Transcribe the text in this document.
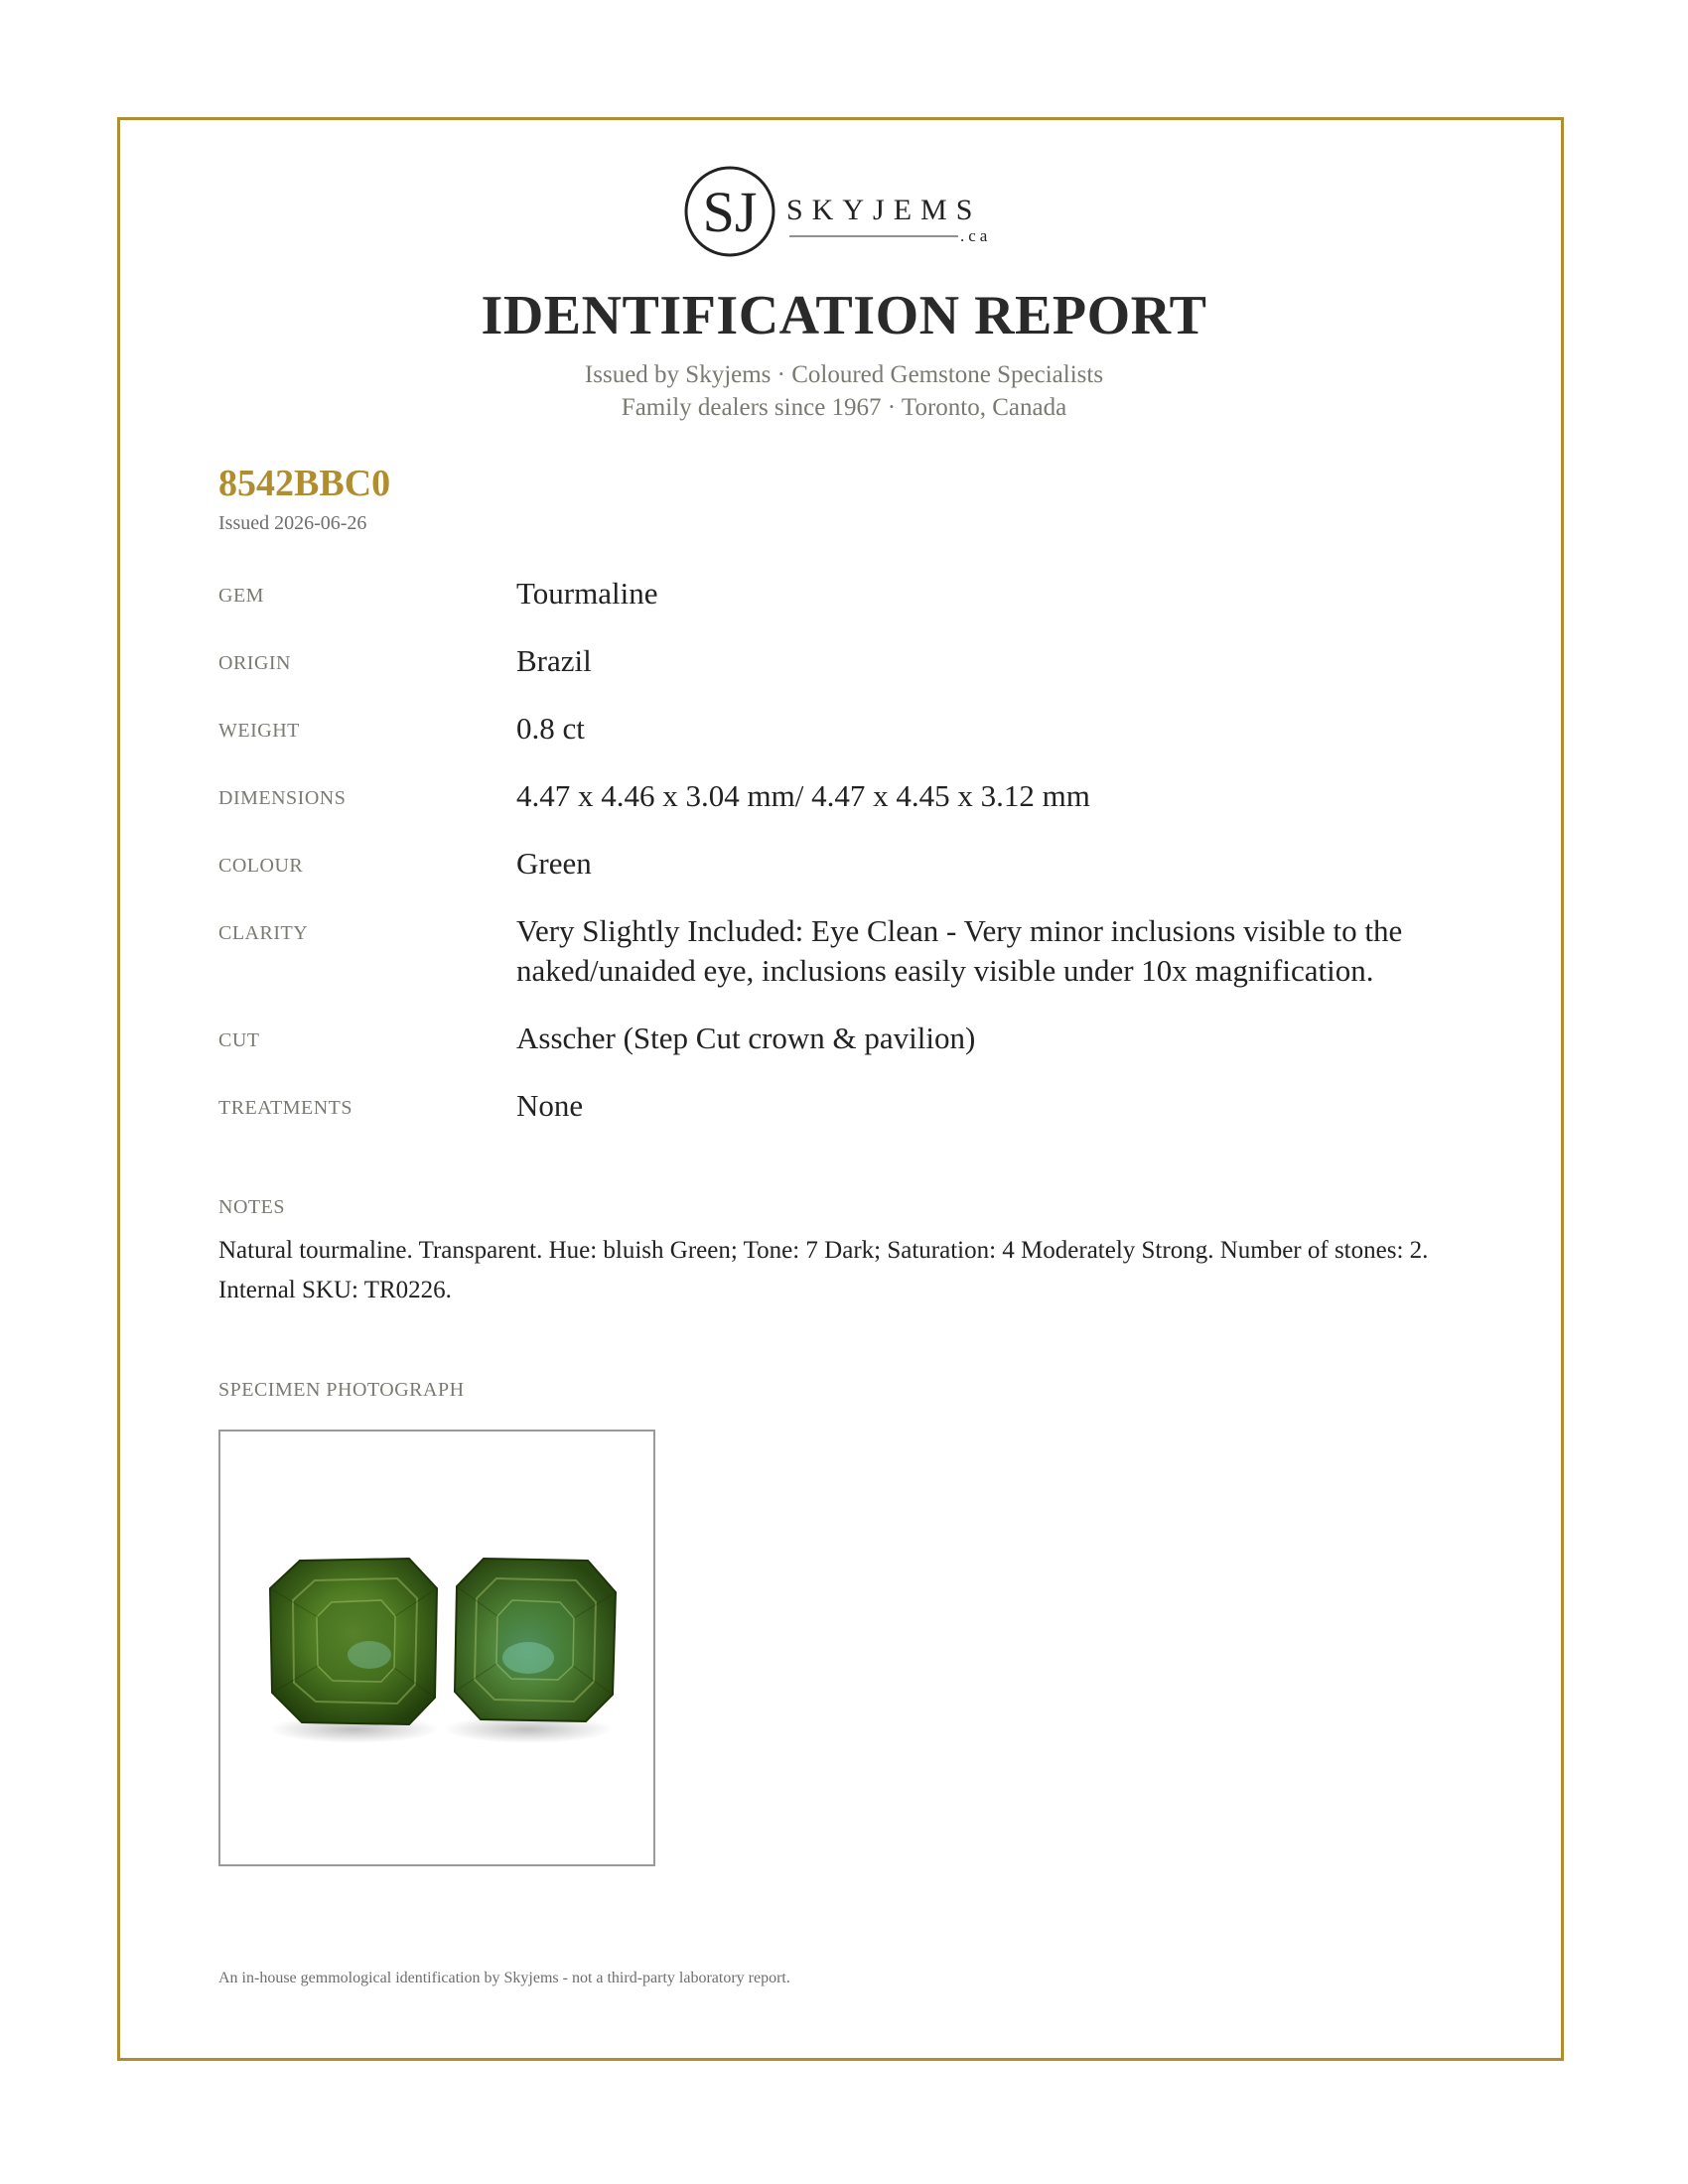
SJ SKYJEMS
.ca
IDENTIFICATION REPORT
Issued by Skyjems · Coloured Gemstone Specialists
Family dealers since 1967 · Toronto, Canada
8542BBC0
Issued 2026-06-26
GEM	Tourmaline
ORIGIN	Brazil
WEIGHT	0.8 ct
DIMENSIONS	4.47 x 4.46 x 3.04 mm/ 4.47 x 4.45 x 3.12 mm
COLOUR	Green
CLARITY	Very Slightly Included: Eye Clean - Very minor inclusions visible to the naked/unaided eye, inclusions easily visible under 10x magnification.
CUT	Asscher (Step Cut crown & pavilion)
TREATMENTS	None
NOTES
Natural tourmaline. Transparent. Hue: bluish Green; Tone: 7 Dark; Saturation: 4 Moderately Strong. Number of stones: 2. Internal SKU: TR0226.
SPECIMEN PHOTOGRAPH
An in-house gemmological identification by Skyjems - not a third-party laboratory report.
